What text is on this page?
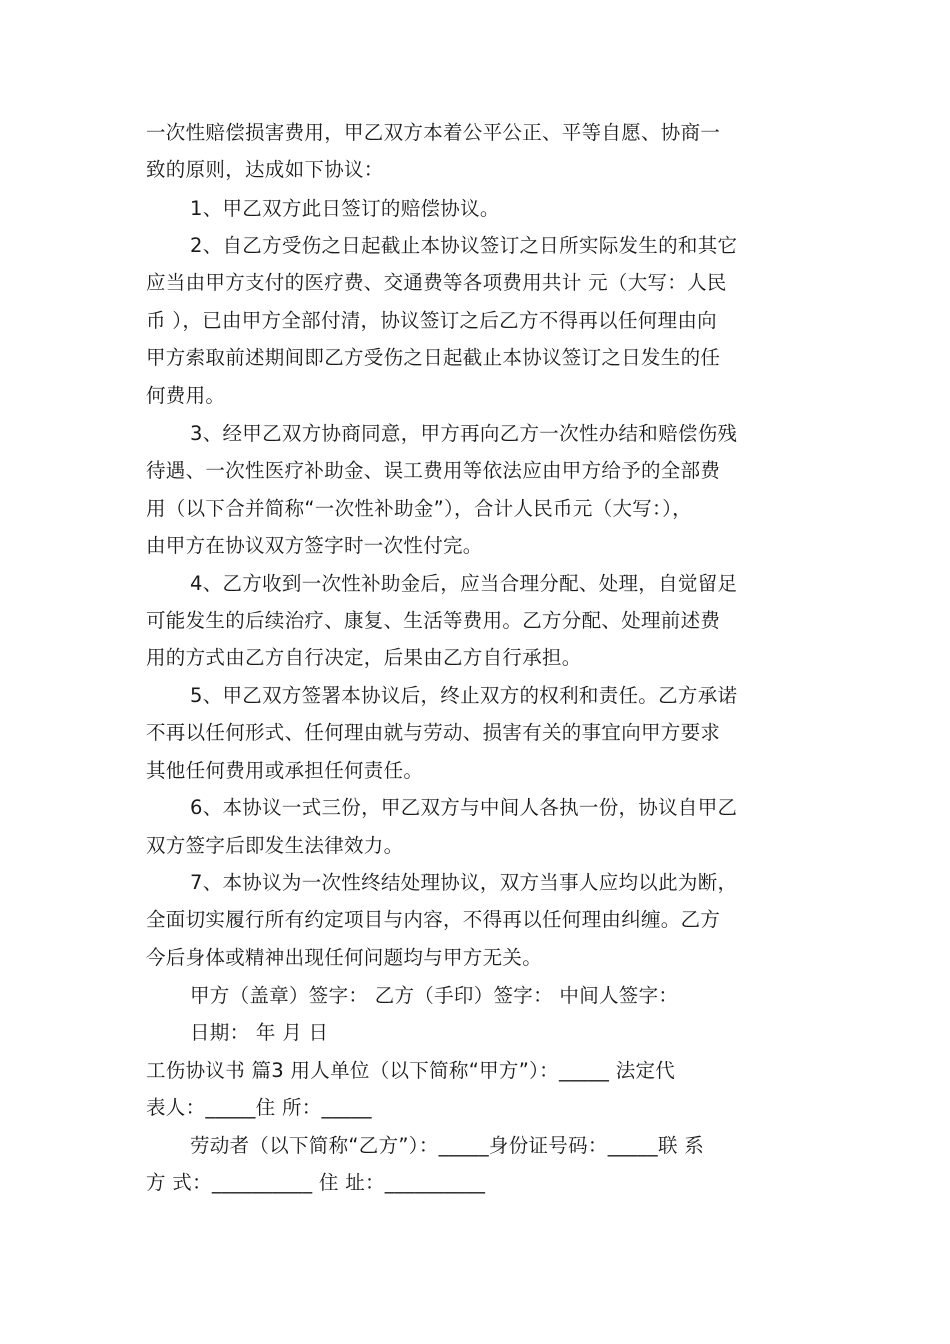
一次性赔偿损害费用，甲乙双方本着公平公正、平等自愿、协商一
致的原则，达成如下协议：
1、甲乙双方此日签订的赔偿协议。
2、自乙方受伤之日起截止本协议签订之日所实际发生的和其它
应当由甲方支付的医疗费、交通费等各项费用共计 元（大写：人民
币 ），已由甲方全部付清，协议签订之后乙方不得再以任何理由向
甲方索取前述期间即乙方受伤之日起截止本协议签订之日发生的任
何费用。
3、经甲乙双方协商同意，甲方再向乙方一次性办结和赔偿伤残
待遇、一次性医疗补助金、误工费用等依法应由甲方给予的全部费
用（以下合并简称“一次性补助金”），合计人民币元（大写：），
由甲方在协议双方签字时一次性付完。
4、乙方收到一次性补助金后，应当合理分配、处理，自觉留足
可能发生的后续治疗、康复、生活等费用。乙方分配、处理前述费
用的方式由乙方自行决定，后果由乙方自行承担。
5、甲乙双方签署本协议后，终止双方的权利和责任。乙方承诺
不再以任何形式、任何理由就与劳动、损害有关的事宜向甲方要求
其他任何费用或承担任何责任。
6、本协议一式三份，甲乙双方与中间人各执一份，协议自甲乙
双方签字后即发生法律效力。
7、本协议为一次性终结处理协议，双方当事人应均以此为断，
全面切实履行所有约定项目与内容，不得再以任何理由纠缠。乙方
今后身体或精神出现任何问题均与甲方无关。
甲方（盖章）签字： 乙方（手印）签字： 中间人签字：
日期： 年 月 日
工伤协议书 篇3 用人单位（以下简称“甲方”）：_____ 法定代
表人：_____住 所：_____
劳动者（以下简称“乙方”）：_____身份证号码：_____联 系
方 式：__________ 住 址：__________
